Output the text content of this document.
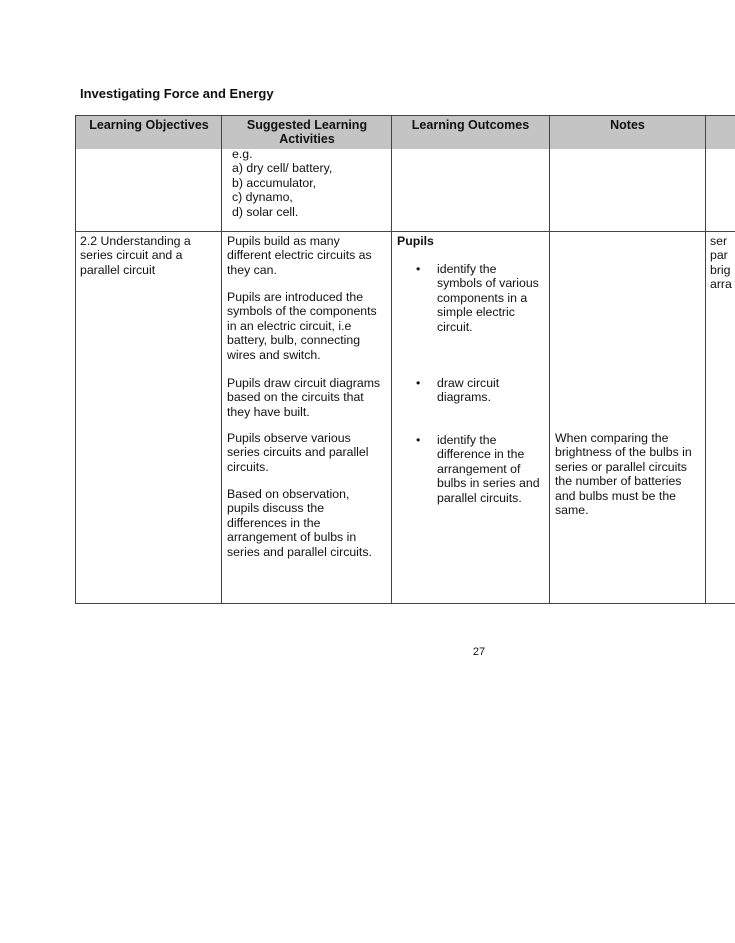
Investigating Force and Energy
Learning Objectives	Suggested Learning Activities
Learning Outcomes	Notes
e.g.
a) dry cell/ battery,
b) accumulator,
c) dynamo,
d) solar cell.
2.2 Understanding a
series circuit and a
parallel circuit
Pupils build as many
different electric circuits as
they can.
Pupils are introduced the
symbols of the components
in an electric circuit, i.e
battery, bulb, connecting
wires and switch.
Pupils draw circuit diagrams
based on the circuits that
they have built.
Pupils observe various
series circuits and parallel
circuits.
Based on observation,
pupils discuss the
differences in the
arrangement of bulbs in
series and parallel circuits.
Pupils
• identify the
symbols of various
components in a
simple electric
circuit.
• draw circuit
diagrams.
• identify the
difference in the
arrangement of
bulbs in series and
parallel circuits.
When comparing the
brightness of the bulbs in
series or parallel circuits
the number of batteries
and bulbs must be the
same.
ser
par
brig
arra
27
